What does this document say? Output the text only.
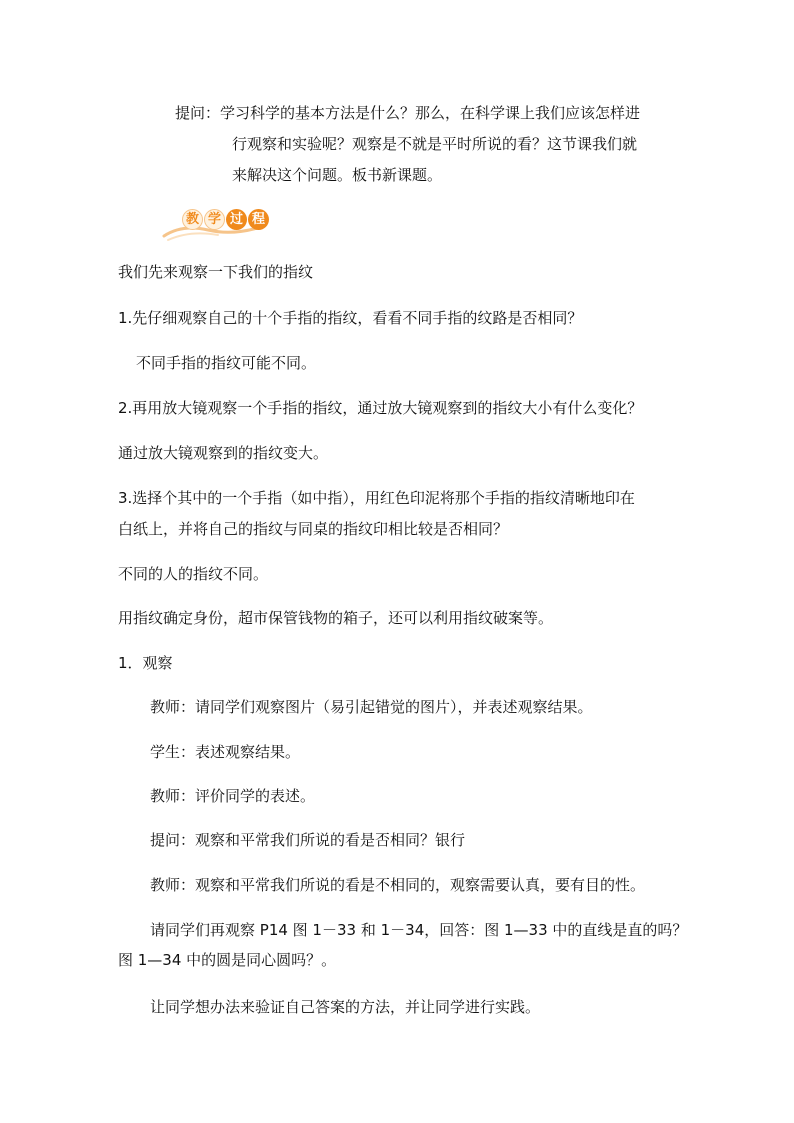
提问：学习科学的基本方法是什么？那么，在科学课上我们应该怎样进

行观察和实验呢？观察是不就是平时所说的看？这节课我们就

来解决这个问题。板书新课题。

教 学 过 程

我们先来观察一下我们的指纹

1.先仔细观察自己的十个手指的指纹，看看不同手指的纹路是否相同？

不同手指的指纹可能不同。

2.再用放大镜观察一个手指的指纹，通过放大镜观察到的指纹大小有什么变化？

通过放大镜观察到的指纹变大。

3.选择个其中的一个手指（如中指），用红色印泥将那个手指的指纹清晰地印在

白纸上，并将自己的指纹与同桌的指纹印相比较是否相同？

不同的人的指纹不同。

用指纹确定身份，超市保管钱物的箱子，还可以利用指纹破案等。

1．观察

教师：请同学们观察图片（易引起错觉的图片），并表述观察结果。

学生：表述观察结果。

教师：评价同学的表述。

提问：观察和平常我们所说的看是否相同？银行

教师：观察和平常我们所说的看是不相同的，观察需要认真，要有目的性。

请同学们再观察 P14 图 1－33 和 1－34，回答：图 1—33 中的直线是直的吗？

图 1—34 中的圆是同心圆吗？。

让同学想办法来验证自己答案的方法，并让同学进行实践。
